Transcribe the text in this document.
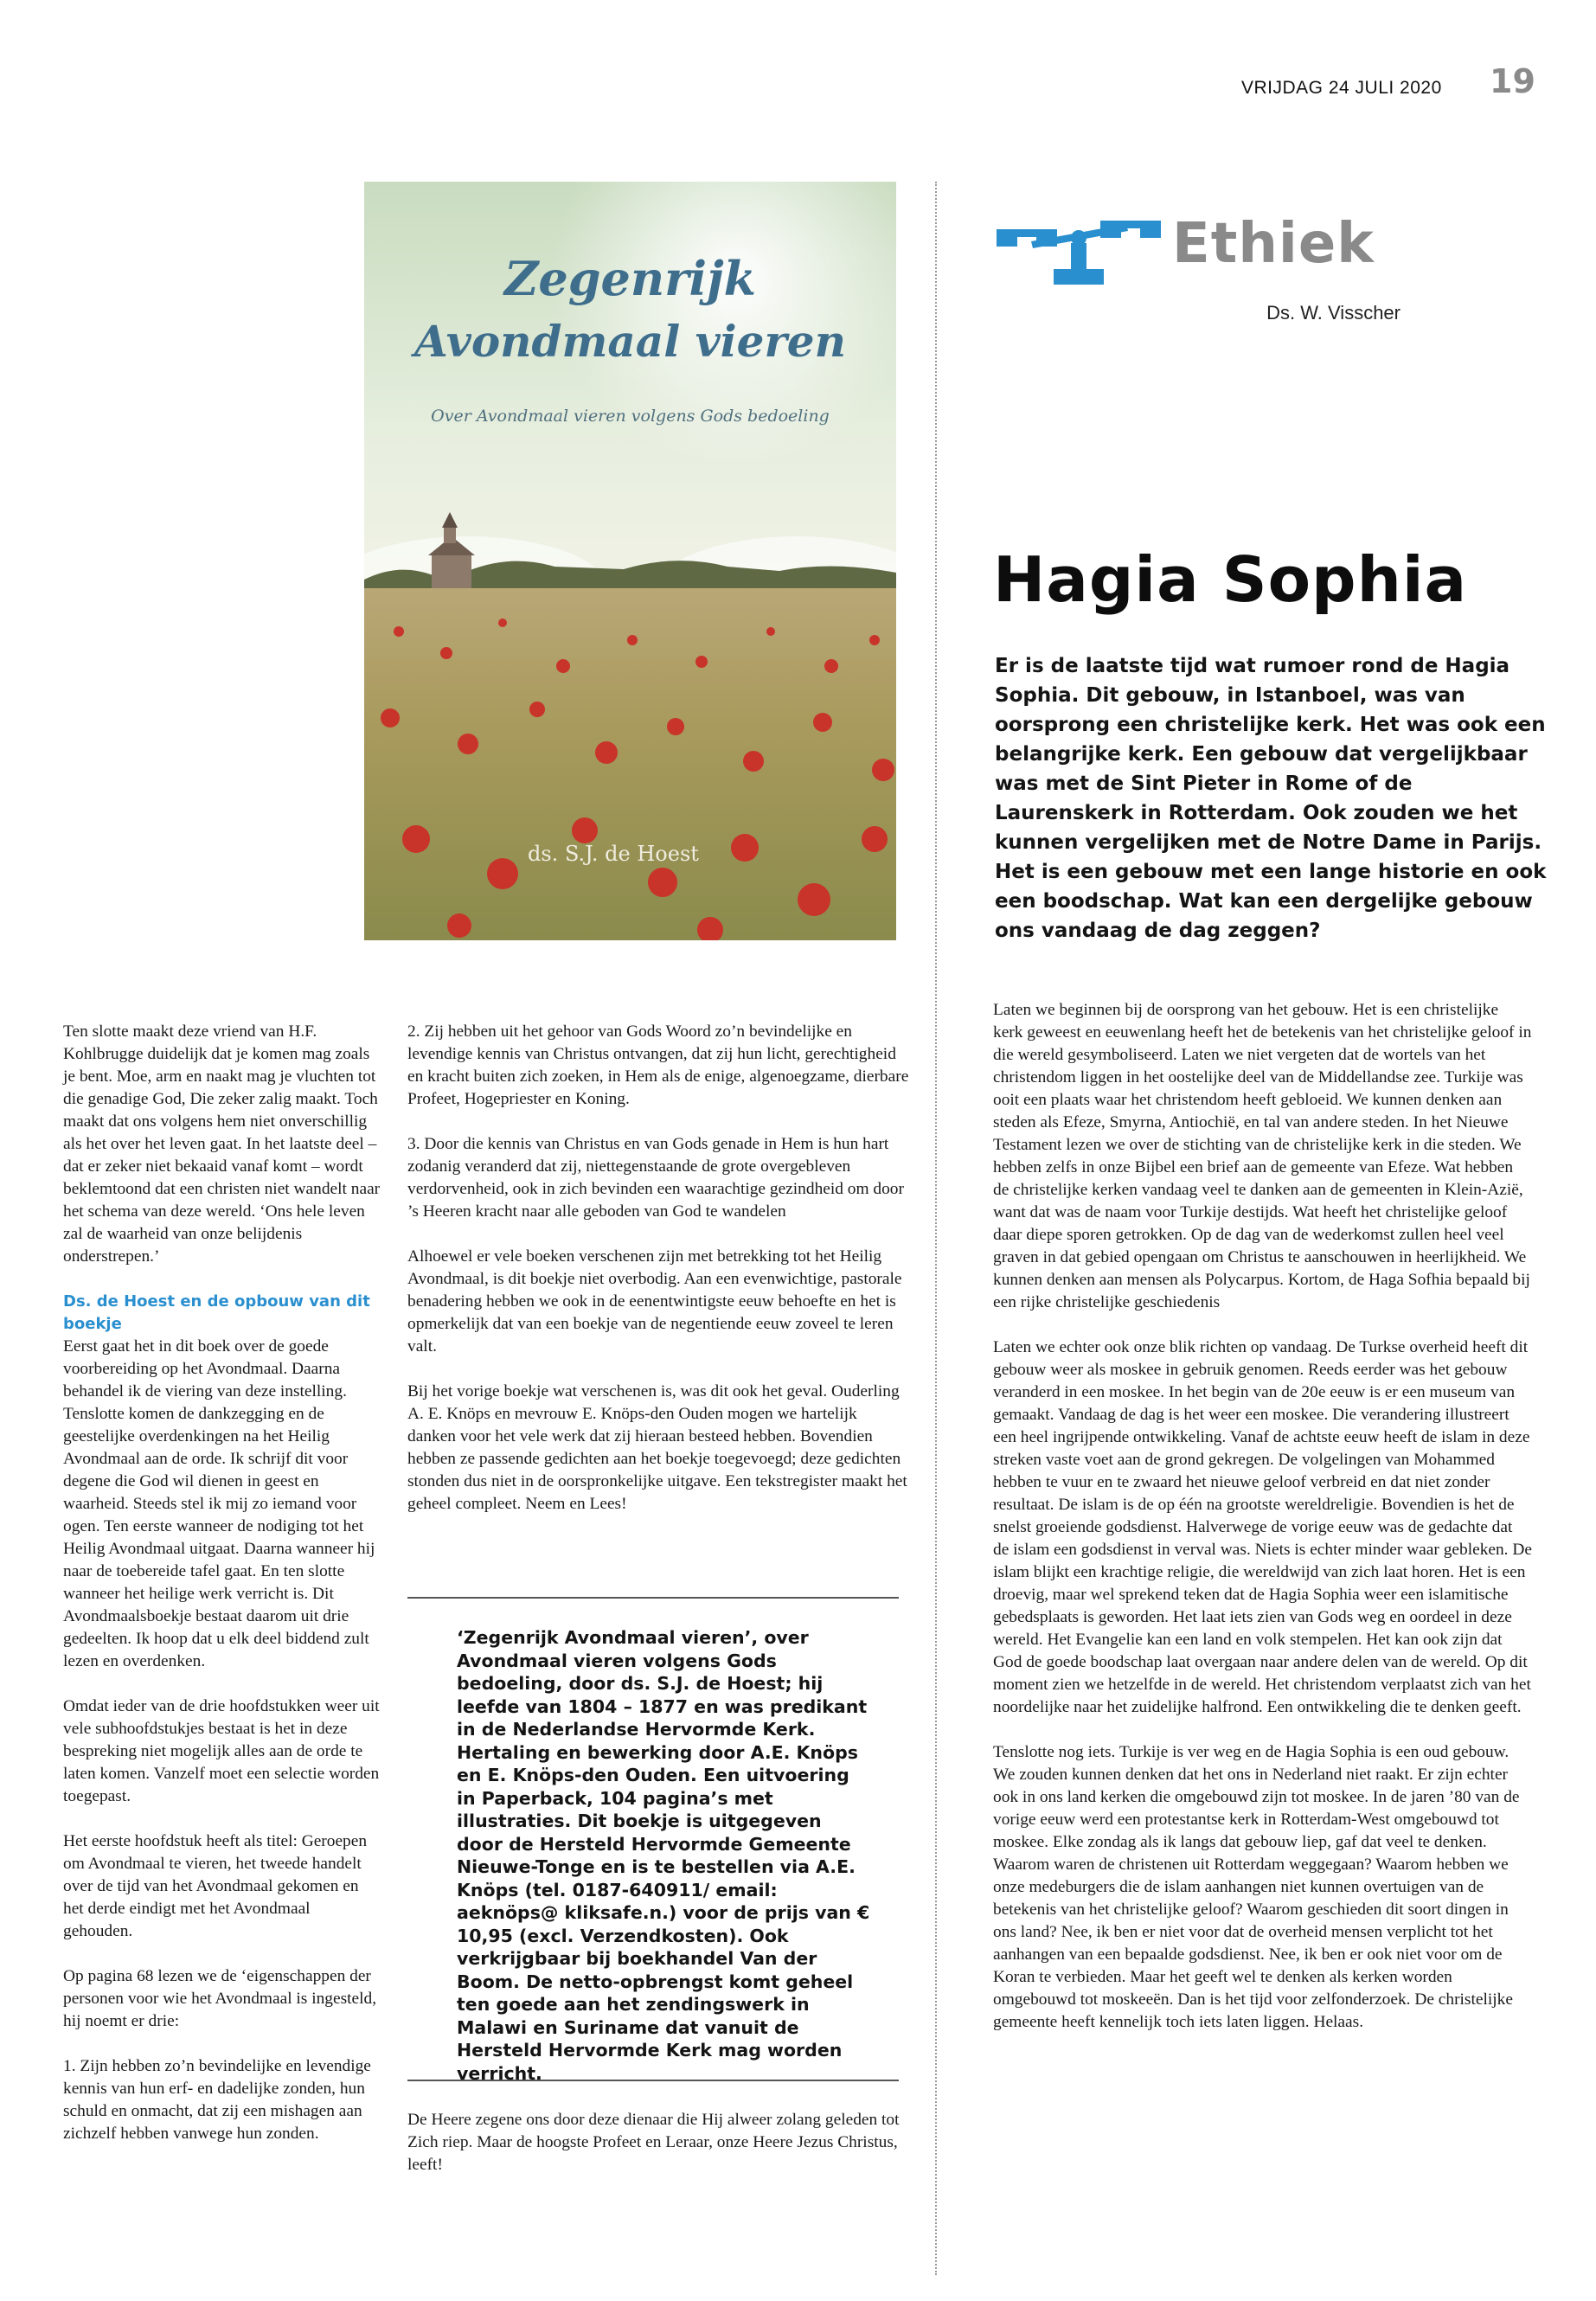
VRIJDAG 24 JULI 2020	19
Zegenrijk
Avondmaal vieren
Over Avondmaal vieren volgens Gods bedoeling
ds. S.J. de Hoest
Ethiek
Ds. W. Visscher
Hagia Sophia

Er is de laatste tijd wat rumoer rond de Hagia Sophia. Dit gebouw, in Istanboel, was van oorsprong een christelijke kerk. Het was ook een belangrijke kerk. Een gebouw dat vergelijkbaar was met de Sint Pieter in Rome of de Laurenskerk in Rotterdam. Ook zouden we het kunnen vergelijken met de Notre Dame in Parijs. Het is een gebouw met een lange historie en ook een boodschap. Wat kan een dergelijke gebouw ons vandaag de dag zeggen?

Ten slotte maakt deze vriend van H.F. Kohlbrugge duidelijk dat je komen mag zoals je bent. Moe, arm en naakt mag je vluchten tot die genadige God, Die zeker zalig maakt. Toch maakt dat ons volgens hem niet onverschillig als het over het leven gaat. In het laatste deel – dat er zeker niet bekaaid vanaf komt – wordt beklemtoond dat een christen niet wandelt naar het schema van deze wereld. ‘Ons hele leven zal de waarheid van onze belijdenis onderstrepen.’

Ds. de Hoest en de opbouw van dit boekje

Eerst gaat het in dit boek over de goede voorbereiding op het Avondmaal. Daarna behandel ik de viering van deze instelling. Tenslotte komen de dankzegging en de geestelijke overdenkingen na het Heilig Avondmaal aan de orde. Ik schrijf dit voor degene die God wil dienen in geest en waarheid. Steeds stel ik mij zo iemand voor ogen. Ten eerste wanneer de nodiging tot het Heilig Avondmaal uitgaat. Daarna wanneer hij naar de toebereide tafel gaat. En ten slotte wanneer het heilige werk verricht is. Dit Avondmaalsboekje bestaat daarom uit drie gedeelten. Ik hoop dat u elk deel biddend zult lezen en overdenken.

Omdat ieder van de drie hoofdstukken weer uit vele subhoofdstukjes bestaat is het in deze bespreking niet mogelijk alles aan de orde te laten komen. Vanzelf moet een selectie worden toegepast.

Het eerste hoofdstuk heeft als titel: Geroepen om Avondmaal te vieren, het tweede handelt over de tijd van het Avondmaal gekomen en het derde eindigt met het Avondmaal gehouden.

Op pagina 68 lezen we de ‘eigenschappen der personen voor wie het Avondmaal is ingesteld, hij noemt er drie:

1. Zijn hebben zo’n bevindelijke en levendige kennis van hun erf- en dadelijke zonden, hun schuld en onmacht, dat zij een mishagen aan zichzelf hebben vanwege hun zonden.

2. Zij hebben uit het gehoor van Gods Woord zo’n bevindelijke en levendige kennis van Christus ontvangen, dat zij hun licht, gerechtigheid en kracht buiten zich zoeken, in Hem als de enige, algenoegzame, dierbare Profeet, Hogepriester en Koning.

3. Door die kennis van Christus en van Gods genade in Hem is hun hart zodanig veranderd dat zij, niettegenstaande de grote overgebleven verdorvenheid, ook in zich bevinden een waarachtige gezindheid om door ’s Heeren kracht naar alle geboden van God te wandelen

Alhoewel er vele boeken verschenen zijn met betrekking tot het Heilig Avondmaal, is dit boekje niet overbodig. Aan een evenwichtige, pastorale benadering hebben we ook in de eenentwintigste eeuw behoefte en het is opmerkelijk dat van een boekje van de negentiende eeuw zoveel te leren valt.

Bij het vorige boekje wat verschenen is, was dit ook het geval. Ouderling A. E. Knöps en mevrouw E. Knöps-den Ouden mogen we hartelijk danken voor het vele werk dat zij hieraan besteed hebben. Bovendien hebben ze passende gedichten aan het boekje toegevoegd; deze gedichten stonden dus niet in de oorspronkelijke uitgave. Een tekstregister maakt het geheel compleet. Neem en Lees!

‘Zegenrijk Avondmaal vieren’, over Avondmaal vieren volgens Gods bedoeling, door ds. S.J. de Hoest; hij leefde van 1804 – 1877 en was predikant in de Nederlandse Hervormde Kerk. Hertaling en bewerking door A.E. Knöps en E. Knöps-den Ouden. Een uitvoering in Paperback, 104 pagina’s met illustraties. Dit boekje is uitgegeven door de Hersteld Hervormde Gemeente Nieuwe-Tonge en is te bestellen via A.E. Knöps (tel. 0187-640911/ email: aeknöps@ kliksafe.n.) voor de prijs van € 10,95 (excl. Verzendkosten). Ook verkrijgbaar bij boekhandel Van der Boom. De netto-opbrengst komt geheel ten goede aan het zendingswerk in Malawi en Suriname dat vanuit de Hersteld Hervormde Kerk mag worden verricht.

De Heere zegene ons door deze dienaar die Hij alweer zolang geleden tot Zich riep. Maar de hoogste Profeet en Leraar, onze Heere Jezus Christus, leeft!

Laten we beginnen bij de oorsprong van het gebouw. Het is een christelijke kerk geweest en eeuwenlang heeft het de betekenis van het christelijke geloof in die wereld gesymboliseerd. Laten we niet vergeten dat de wortels van het christendom liggen in het oostelijke deel van de Middellandse zee. Turkije was ooit een plaats waar het christendom heeft gebloeid. We kunnen denken aan steden als Efeze, Smyrna, Antiochië, en tal van andere steden. In het Nieuwe Testament lezen we over de stichting van de christelijke kerk in die steden. We hebben zelfs in onze Bijbel een brief aan de gemeente van Efeze. Wat hebben de christelijke kerken vandaag veel te danken aan de gemeenten in Klein-Azië, want dat was de naam voor Turkije destijds. Wat heeft het christelijke geloof daar diepe sporen getrokken. Op de dag van de wederkomst zullen heel veel graven in dat gebied opengaan om Christus te aanschouwen in heerlijkheid. We kunnen denken aan mensen als Polycarpus. Kortom, de Haga Sofhia bepaald bij een rijke christelijke geschiedenis

Laten we echter ook onze blik richten op vandaag. De Turkse overheid heeft dit gebouw weer als moskee in gebruik genomen. Reeds eerder was het gebouw veranderd in een moskee. In het begin van de 20e eeuw is er een museum van gemaakt. Vandaag de dag is het weer een moskee. Die verandering illustreert een heel ingrijpende ontwikkeling. Vanaf de achtste eeuw heeft de islam in deze streken vaste voet aan de grond gekregen. De volgelingen van Mohammed hebben te vuur en te zwaard het nieuwe geloof verbreid en dat niet zonder resultaat. De islam is de op één na grootste wereldreligie. Bovendien is het de snelst groeiende godsdienst. Halverwege de vorige eeuw was de gedachte dat de islam een godsdienst in verval was. Niets is echter minder waar gebleken. De islam blijkt een krachtige religie, die wereldwijd van zich laat horen. Het is een droevig, maar wel sprekend teken dat de Hagia Sophia weer een islamitische gebedsplaats is geworden. Het laat iets zien van Gods weg en oordeel in deze wereld. Het Evangelie kan een land en volk stempelen. Het kan ook zijn dat God de goede boodschap laat overgaan naar andere delen van de wereld. Op dit moment zien we hetzelfde in de wereld. Het christendom verplaatst zich van het noordelijke naar het zuidelijke halfrond. Een ontwikkeling die te denken geeft.

Tenslotte nog iets. Turkije is ver weg en de Hagia Sophia is een oud gebouw. We zouden kunnen denken dat het ons in Nederland niet raakt. Er zijn echter ook in ons land kerken die omgebouwd zijn tot moskee. In de jaren ’80 van de vorige eeuw werd een protestantse kerk in Rotterdam-West omgebouwd tot moskee. Elke zondag als ik langs dat gebouw liep, gaf dat veel te denken. Waarom waren de christenen uit Rotterdam weggegaan? Waarom hebben we onze medeburgers die de islam aanhangen niet kunnen overtuigen van de betekenis van het christelijke geloof? Waarom geschieden dit soort dingen in ons land? Nee, ik ben er niet voor dat de overheid mensen verplicht tot het aanhangen van een bepaalde godsdienst. Nee, ik ben er ook niet voor om de Koran te verbieden. Maar het geeft wel te denken als kerken worden omgebouwd tot moskeeën. Dan is het tijd voor zelfonderzoek. De christelijke gemeente heeft kennelijk toch iets laten liggen. Helaas.
